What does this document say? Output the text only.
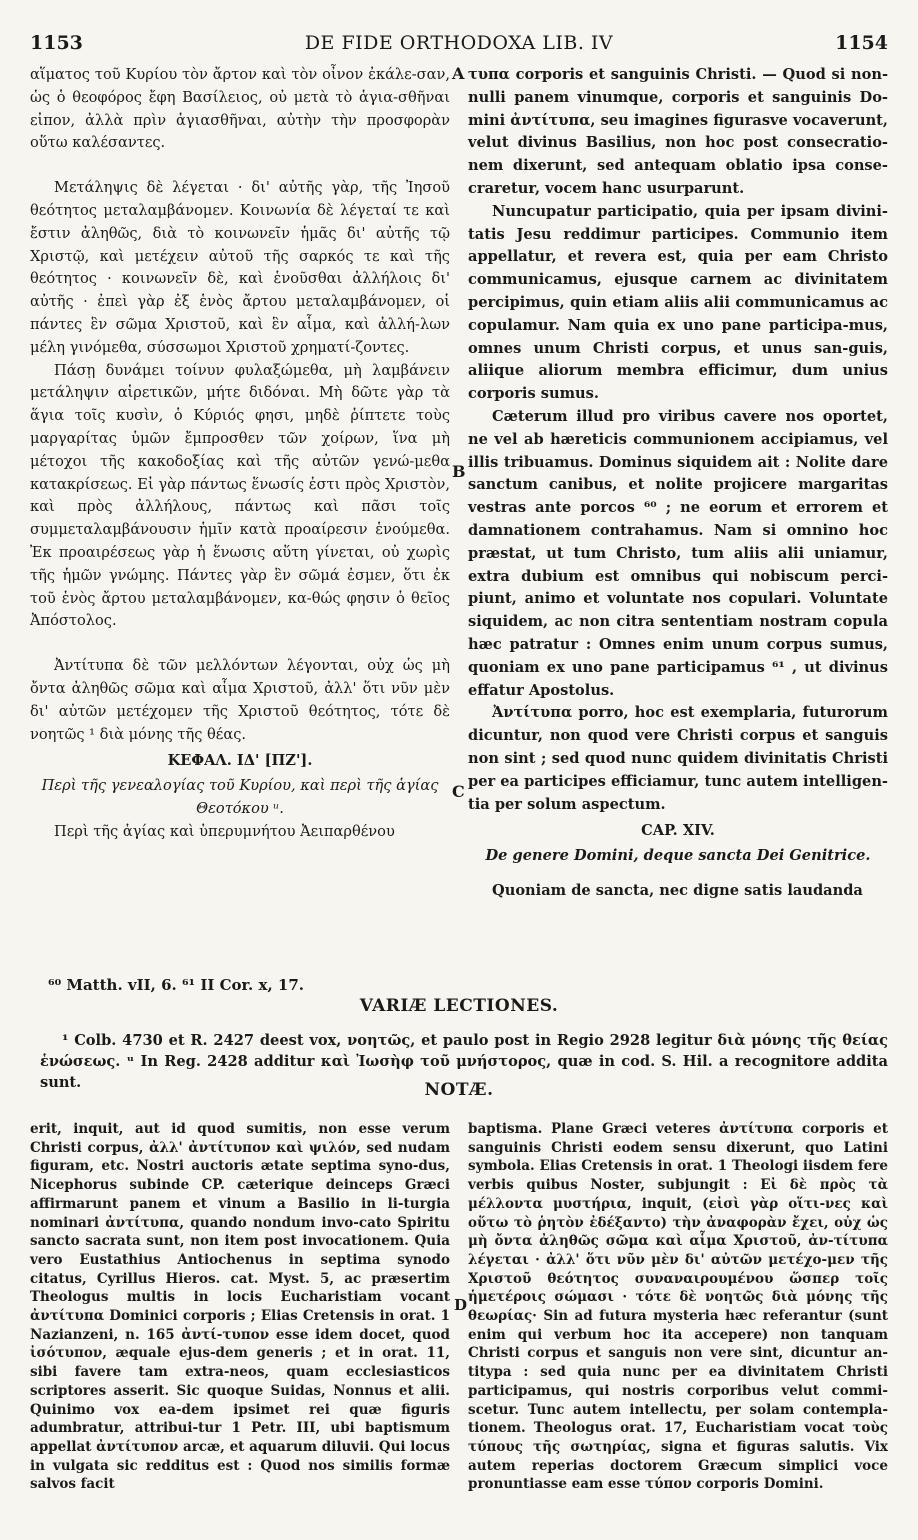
1153	DE FIDE ORTHODOXA LIB. IV	1154

αἵματος τοῦ Κυρίου τὸν ἄρτον καὶ τὸν οἶνον ἐκάλε-σαν, ὡς ὁ θεοφόρος ἔφη Βασίλειος, οὐ μετὰ τὸ ἁγια-σθῆναι εἰπον, ἀλλὰ πρὶν ἁγιασθῆναι, αὐτὴν τὴν προσφορὰν οὕτω καλέσαντες.

Μετάληψις δὲ λέγεται · δι' αὐτῆς γὰρ, τῆς Ἰησοῦ θεότητος μεταλαμβάνομεν. Κοινωνία δὲ λέγεταί τε καὶ ἔστιν ἀληθῶς, διὰ τὸ κοινωνεῖν ἡμᾶς δι' αὐτῆς τῷ Χριστῷ, καὶ μετέχειν αὐτοῦ τῆς σαρκός τε καὶ τῆς θεότητος · κοινωνεῖν δὲ, καὶ ἑνοῦσθαι ἀλλήλοις δι' αὐτῆς · ἐπεὶ γὰρ ἐξ ἑνὸς ἄρτου μεταλαμβάνομεν, οἱ πάντες ἓν σῶμα Χριστοῦ, καὶ ἓν αἷμα, καὶ ἀλλή-λων μέλη γινόμεθα, σύσσωμοι Χριστοῦ χρηματί-ζοντες.

Πάσῃ δυνάμει τοίνυν φυλαξώμεθα, μὴ λαμβάνειν μετάληψιν αἱρετικῶν, μήτε διδόναι. Μὴ δῶτε γὰρ τὰ ἅγια τοῖς κυσὶν, ὁ Κύριός φησι, μηδὲ ῥίπτετε τοὺς μαργαρίτας ὑμῶν ἔμπροσθεν τῶν χοίρων, ἵνα μὴ μέτοχοι τῆς κακοδοξίας καὶ τῆς αὐτῶν γενώ-μεθα κατακρίσεως. Εἰ γὰρ πάντως ἕνωσίς ἐστι πρὸς Χριστὸν, καὶ πρὸς ἀλλήλους, πάντως καὶ πᾶσι τοῖς συμμεταλαμβάνουσιν ἡμῖν κατὰ προαίρεσιν ἑνούμεθα. Ἐκ προαιρέσεως γὰρ ἡ ἕνωσις αὕτη γίνεται, οὐ χωρὶς τῆς ἡμῶν γνώμης. Πάντες γὰρ ἓν σῶμά ἐσμεν, ὅτι ἐκ τοῦ ἑνὸς ἄρτου μεταλαμβάνομεν, κα-θώς φησιν ὁ θεῖος Ἀπόστολος.

Ἀντίτυπα δὲ τῶν μελλόντων λέγονται, οὐχ ὡς μὴ ὄντα ἀληθῶς σῶμα καὶ αἷμα Χριστοῦ, ἀλλ' ὅτι νῦν μὲν δι' αὐτῶν μετέχομεν τῆς Χριστοῦ θεότητος, τότε δὲ νοητῶς ¹ διὰ μόνης τῆς θέας.

ΚΕΦΑΛ. ΙΔ' [ΠΖ'].
Περὶ τῆς γενεαλογίας τοῦ Κυρίου, καὶ περὶ τῆς ἁγίας Θεοτόκου ᵘ.

Περὶ τῆς ἁγίας καὶ ὑπερυμνήτου Ἀειπαρθένου

A
B
C

τυπα corporis et sanguinis Christi. — Quod si non-nulli panem vinumque, corporis et sanguinis Do-mini ἀντίτυπα, seu imagines figurasve vocaverunt, velut divinus Basilius, non hoc post consecratio-nem dixerunt, sed antequam oblatio ipsa conse-craretur, vocem hanc usurparunt.

Nuncupatur participatio, quia per ipsam divini-tatis Jesu reddimur participes. Communio item appellatur, et revera est, quia per eam Christo communicamus, ejusque carnem ac divinitatem percipimus, quin etiam aliis alii communicamus ac copulamur. Nam quia ex uno pane participa-mus, omnes unum Christi corpus, et unus san-guis, aliique aliorum membra efficimur, dum unius corporis sumus.

Cæterum illud pro viribus cavere nos oportet, ne vel ab hæreticis communionem accipiamus, vel illis tribuamus. Dominus siquidem ait : Nolite dare sanctum canibus, et nolite projicere margaritas vestras ante porcos ⁶⁰ ; ne eorum et errorem et damnationem contrahamus. Nam si omnino hoc præstat, ut tum Christo, tum aliis alii uniamur, extra dubium est omnibus qui nobiscum perci-piunt, animo et voluntate nos copulari. Voluntate siquidem, ac non citra sententiam nostram copula hæc patratur : Omnes enim unum corpus sumus, quoniam ex uno pane participamus ⁶¹ , ut divinus effatur Apostolus.

Ἀντίτυπα porro, hoc est exemplaria, futurorum dicuntur, non quod vere Christi corpus et sanguis non sint ; sed quod nunc quidem divinitatis Christi per ea participes efficiamur, tunc autem intelligen-tia per solum aspectum.

CAP. XIV.
De genere Domini, deque sancta Dei Genitrice.

Quoniam de sancta, nec digne satis laudanda

⁶⁰ Matth. vII, 6. ⁶¹ II Cor. x, 17.
VARIÆ LECTIONES.

¹ Colb. 4730 et R. 2427 deest vox, νοητῶς, et paulo post in Regio 2928 legitur διὰ μόνης τῆς θείας ἑνώσεως. ᵘ In Reg. 2428 additur καὶ Ἰωσὴφ τοῦ μνήστορος, quæ in cod. S. Hil. a recognitore addita sunt.	NOTÆ.

erit, inquit, aut id quod sumitis, non esse verum Christi corpus, ἀλλ' ἀντίτυπον καὶ ψιλόν, sed nudam figuram, etc. Nostri auctoris ætate septima syno-dus, Nicephorus subinde CP. cæterique deinceps Græci affirmarunt panem et vinum a Basilio in li-turgia nominari ἀντίτυπα, quando nondum invo-cato Spiritu sancto sacrata sunt, non item post invocationem. Quia vero Eustathius Antiochenus in septima synodo citatus, Cyrillus Hieros. cat. Myst. 5, ac præsertim Theologus multis in locis Eucharistiam vocant ἀντίτυπα Dominici corporis ; Elias Cretensis in orat. 1 Nazianzeni, n. 165 ἀντί-τυπον esse idem docet, quod ἰσότυπον, æquale ejus-dem generis ; et in orat. 11, sibi favere tam extra-neos, quam ecclesiasticos scriptores asserit. Sic quoque Suidas, Nonnus et alii. Quinimo vox ea-dem ipsimet rei quæ figuris adumbratur, attribui-tur 1 Petr. III, ubi baptismum appellat ἀντίτυπον arcæ, et aquarum diluvii. Qui locus in vulgata sic redditus est : Quod nos similis formæ salvos facit

D

baptisma. Plane Græci veteres ἀντίτυπα corporis et sanguinis Christi eodem sensu dixerunt, quo Latini symbola. Elias Cretensis in orat. 1 Theologi iisdem fere verbis quibus Noster, subjungit : Εἰ δὲ πρὸς τὰ μέλλοντα μυστήρια, inquit, (εἰσὶ γὰρ οἵτι-νες καὶ οὕτω τὸ ῥητὸν ἐδέξαντο) τὴν ἀναφορὰν ἔχει, οὐχ ὡς μὴ ὄντα ἀληθῶς σῶμα καὶ αἷμα Χριστοῦ, ἀν-τίτυπα λέγεται · ἀλλ' ὅτι νῦν μὲν δι' αὐτῶν μετέχο-μεν τῆς Χριστοῦ θεότητος συναναιρουμένου ὥσπερ τοῖς ἡμετέροις σώμασι · τότε δὲ νοητῶς διὰ μόνης τῆς θεωρίας· Sin ad futura mysteria hæc referantur (sunt enim qui verbum hoc ita accepere) non tanquam Christi corpus et sanguis non vere sint, dicuntur an-titypa : sed quia nunc per ea divinitatem Christi participamus, qui nostris corporibus velut commi-scetur. Tunc autem intellectu, per solam contempla-tionem. Theologus orat. 17, Eucharistiam vocat τοὺς τύπους τῆς σωτηρίας, signa et figuras salutis. Vix autem reperias doctorem Græcum simplici voce pronuntiasse eam esse τύπον corporis Domini.
